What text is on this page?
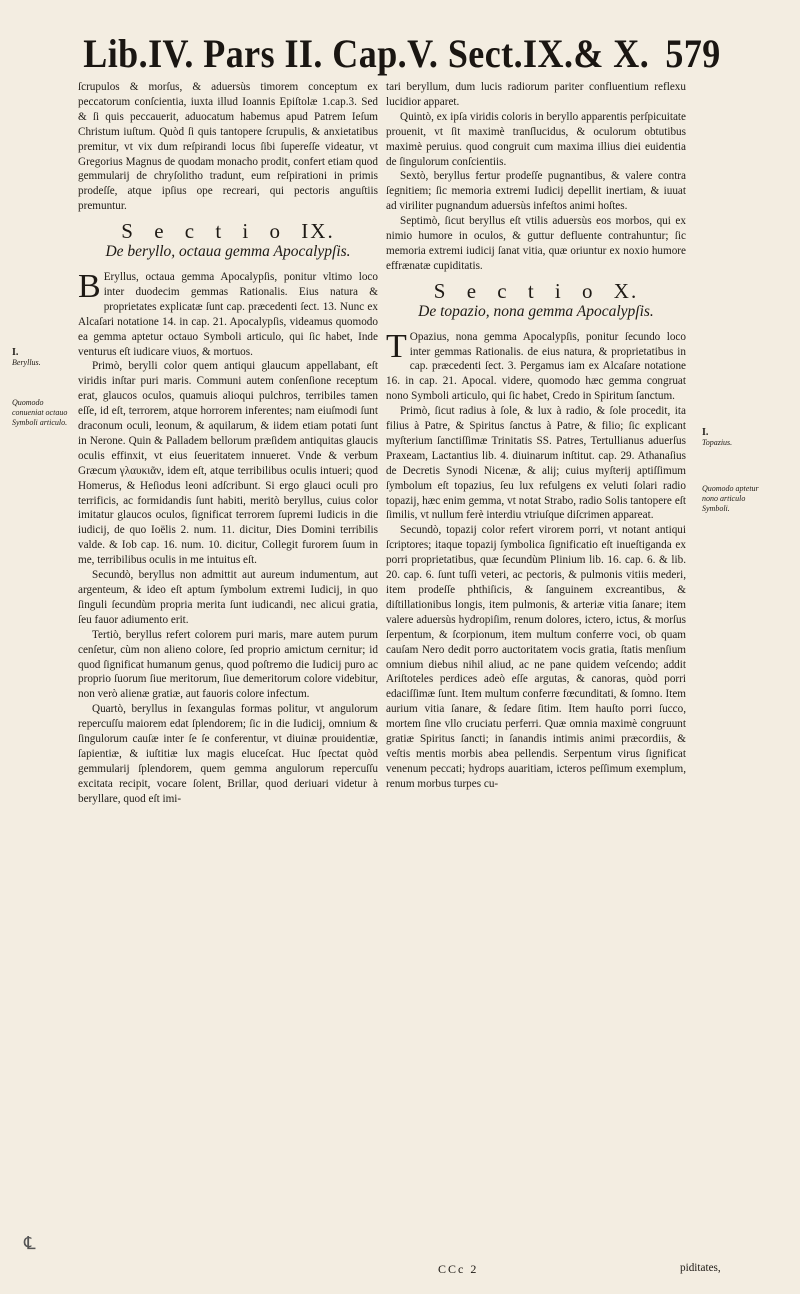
Lib.IV. Pars II. Cap.V. Sect.IX.& X. 579

ſcrupulos & morſus, & aduersùs timorem conceptum ex peccatorum conſcientia, iuxta illud Ioannis Epiſtolæ 1.cap.3. Sed & ſi quis peccauerit, aduocatum habemus apud Patrem Ieſum Christum iuſtum. Quòd ſi quis tantopere ſcrupulis, & anxietatibus premitur, vt vix dum reſpirandi locus ſibi ſupereſſe videatur, vt Gregorius Magnus de quodam monacho prodit, confert etiam quod gemmularij de chryſolitho tradunt, eum reſpirationi in primis prodeſſe, atque ipſius ope recreari, qui pectoris anguſtiis premuntur.

S e c t i o IX.
De beryllo, octaua gemma Apocalypſis.

B Eryllus, octaua gemma Apocalypſis, ponitur vltimo loco inter duodecim gemmas Rationalis. Eius natura & proprietates explicatæ ſunt cap. præcedenti ſect. 13. Nunc ex Alcaſari notatione 14. in cap. 21. Apocalypſis, videamus quomodo ea gemma aptetur octauo Symboli articulo, qui ſic habet, Inde venturus eſt iudicare viuos, & mortuos.

Primò, berylli color quem antiqui glaucum appellabant, eſt viridis inſtar puri maris. Communi autem conſenſione receptum erat, glaucos oculos, quamuis alioqui pulchros, terribiles tamen eſſe, id eſt, terrorem, atque horrorem inferentes; nam eiuſmodi ſunt draconum oculi, leonum, & aquilarum, & iidem etiam potati ſunt in Nerone. Quin & Palladem bellorum præſidem antiquitas glaucis oculis effinxit, vt eius ſeueritatem innueret. Vnde & verbum Græcum γλαυκιᾶν, idem eſt, atque terribilibus oculis intueri; quod Homerus, & Heſiodus leoni adſcribunt. Si ergo glauci oculi pro terrificis, ac formidandis ſunt habiti, meritò beryllus, cuius color imitatur glaucos oculos, ſignificat terrorem ſupremi Iudicis in die iudicij, de quo Ioëlis 2. num. 11. dicitur, Dies Domini terribilis valde. & Iob cap. 16. num. 10. dicitur, Collegit furorem ſuum in me, terribilibus oculis in me intuitus eſt.

Secundò, beryllus non admittit aut aureum indumentum, aut argenteum, & ideo eſt aptum ſymbolum extremi Iudicij, in quo ſinguli ſecundùm propria merita ſunt iudicandi, nec alicui gratia, ſeu fauor adiumento erit.

Tertiò, beryllus refert colorem puri maris, mare autem purum cenſetur, cùm non alieno colore, ſed proprio amictum cernitur; id quod ſignificat humanum genus, quod poſtremo die Iudicij puro ac proprio ſuorum ſiue meritorum, ſiue demeritorum colore videbitur, non verò alienæ gratiæ, aut fauoris colore infectum.

Quartò, beryllus in ſexangulas formas politur, vt angulorum repercuſſu maiorem edat ſplendorem; ſic in die Iudicij, omnium & ſingulorum cauſæ inter ſe ſe conferentur, vt diuinæ prouidentiæ, ſapientiæ, & iuſtitiæ lux magis eluceſcat. Huc ſpectat quòd gemmularij ſplendorem, quem gemma angulorum repercuſſu excitata recipit, vocare ſolent, Brillar, quod deriuari videtur à beryllare, quod eſt imi-

tari beryllum, dum lucis radiorum pariter confluentium reflexu lucidior apparet.

Quintò, ex ipſa viridis coloris in beryllo apparentis perſpicuitate prouenit, vt ſit maximè tranſlucidus, & oculorum obtutibus maximè peruius. quod congruit cum maxima illius diei euidentia de ſingulorum conſcientiis.

Sextò, beryllus fertur prodeſſe pugnantibus, & valere contra ſegnitiem; ſic memoria extremi Iudicij depellit inertiam, & iuuat ad viriliter pugnandum aduersùs infeſtos animi hoſtes.

Septimò, ſicut beryllus eſt vtilis aduersùs eos morbos, qui ex nimio humore in oculos, & guttur defluente contrahuntur; ſic memoria extremi iudicij ſanat vitia, quæ oriuntur ex noxio humore effrænatæ cupiditatis.

S e c t i o X.
De topazio, nona gemma Apocalypſis.

T Opazius, nona gemma Apocalypſis, ponitur ſecundo loco inter gemmas Rationalis. de eius natura, & proprietatibus in cap. præcedenti ſect. 3. Pergamus iam ex Alcaſare notatione 16. in cap. 21. Apocal. videre, quomodo hæc gemma congruat nono Symboli articulo, qui ſic habet, Credo in Spiritum ſanctum.

Primò, ſicut radius à ſole, & lux à radio, & ſole procedit, ita filius à Patre, & Spiritus ſanctus à Patre, & filio; ſic explicant myſterium ſanctiſſimæ Trinitatis SS. Patres, Tertullianus aduerſus Praxeam, Lactantius lib. 4. diuinarum inſtitut. cap. 29. Athanaſius de Decretis Synodi Nicenæ, & alij; cuius myſterij aptiſſimum ſymbolum eſt topazius, ſeu lux refulgens ex veluti ſolari radio topazij, hæc enim gemma, vt notat Strabo, radio Solis tantopere eſt ſimilis, vt nullum ferè interdiu vtriuſque diſcrimen appareat.

Secundò, topazij color refert virorem porri, vt notant antiqui ſcriptores; itaque topazij ſymbolica ſignificatio eſt inueſtiganda ex porri proprietatibus, quæ ſecundùm Plinium lib. 16. cap. 6. & lib. 20. cap. 6. ſunt tuſſi veteri, ac pectoris, & pulmonis vitiis mederi, item prodeſſe phthiſicis, & ſanguinem excreantibus, & diſtillationibus longis, item pulmonis, & arteriæ vitia ſanare; item valere aduersùs hydropiſim, renum dolores, ictero, ictus, & morſus ſerpentum, & ſcorpionum, item multum conferre voci, ob quam cauſam Nero dedit porro auctoritatem vocis gratia, ſtatis menſium omnium diebus nihil aliud, ac ne pane quidem veſcendo; addit Ariſtoteles perdices adeò eſſe argutas, & canoras, quòd porri edaciſſimæ ſunt. Item multum conferre fœcunditati, & ſomno. Item aurium vitia ſanare, & ſedare ſitim. Item hauſto porri ſucco, mortem ſine vllo cruciatu perferri. Quæ omnia maximè congruunt gratiæ Spiritus ſancti; in ſanandis intimis animi præcordiis, & veſtis mentis morbis abea pellendis. Serpentum virus ſignificat venenum peccati; hydrops auaritiam, icteros peſſimum exemplum, renum morbus turpes cu-

I.
Beryllus.
Quomodo conueniat octauo Symboli articulo.
I.
Topazius.
Quomodo aptetur nono articulo Symboli.
CCc 2	piditates,
℄
